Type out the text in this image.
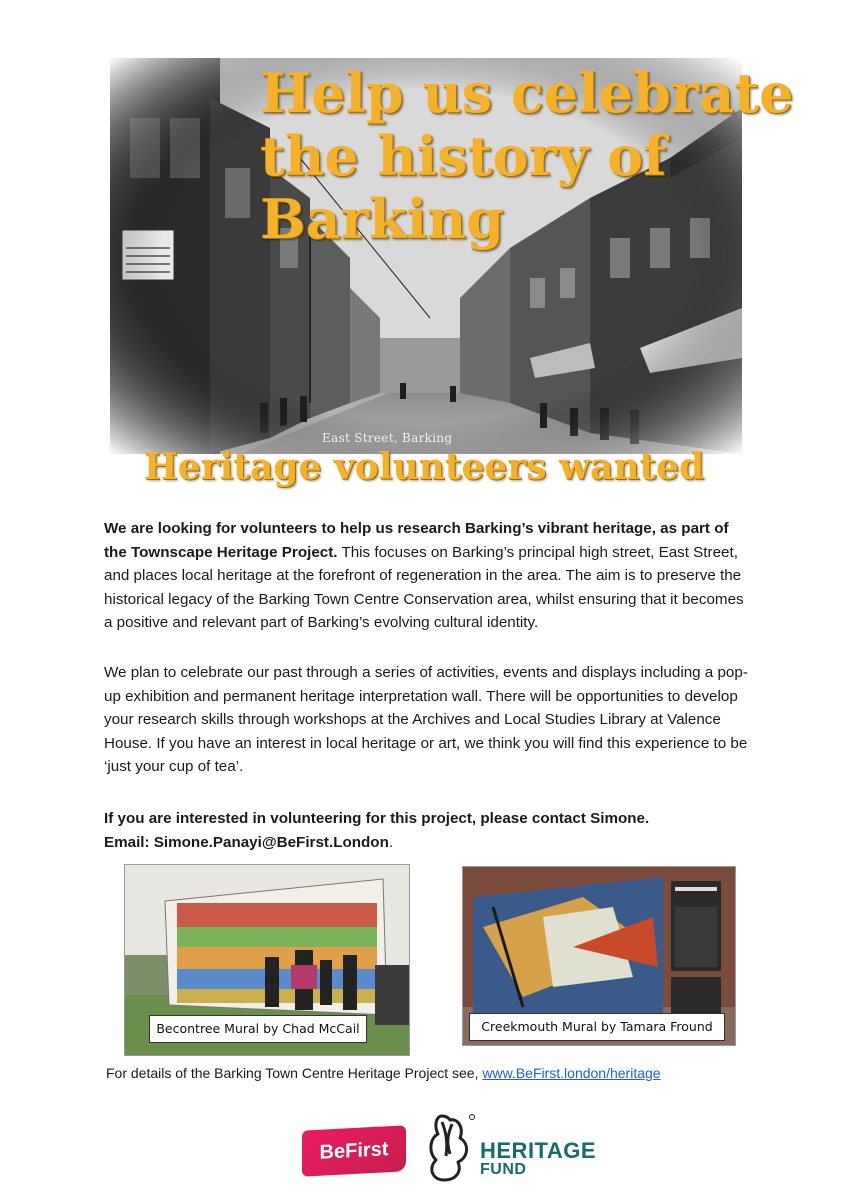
East Street, Barking
Help us celebrate
the history of
Barking
Heritage volunteers wanted

We are looking for volunteers to help us research Barking’s vibrant heritage, as part of the Townscape Heritage Project. This focuses on Barking’s principal high street, East Street, and places local heritage at the forefront of regeneration in the area. The aim is to preserve the historical legacy of the Barking Town Centre Conservation area, whilst ensuring that it becomes a positive and relevant part of Barking’s evolving cultural identity.

We plan to celebrate our past through a series of activities, events and displays including a pop-up exhibition and permanent heritage interpretation wall. There will be opportunities to develop your research skills through workshops at the Archives and Local Studies Library at Valence House. If you have an interest in local heritage or art, we think you will find this experience to be ‘just your cup of tea’.

If you are interested in volunteering for this project, please contact Simone.
Email: Simone.Panayi@BeFirst.London.

Becontree Mural by Chad McCail	Creekmouth Mural by Tamara Fround
For details of the Barking Town Centre Heritage Project see, www.BeFirst.london/heritage
BeFirst	HERITAGE
FUND
